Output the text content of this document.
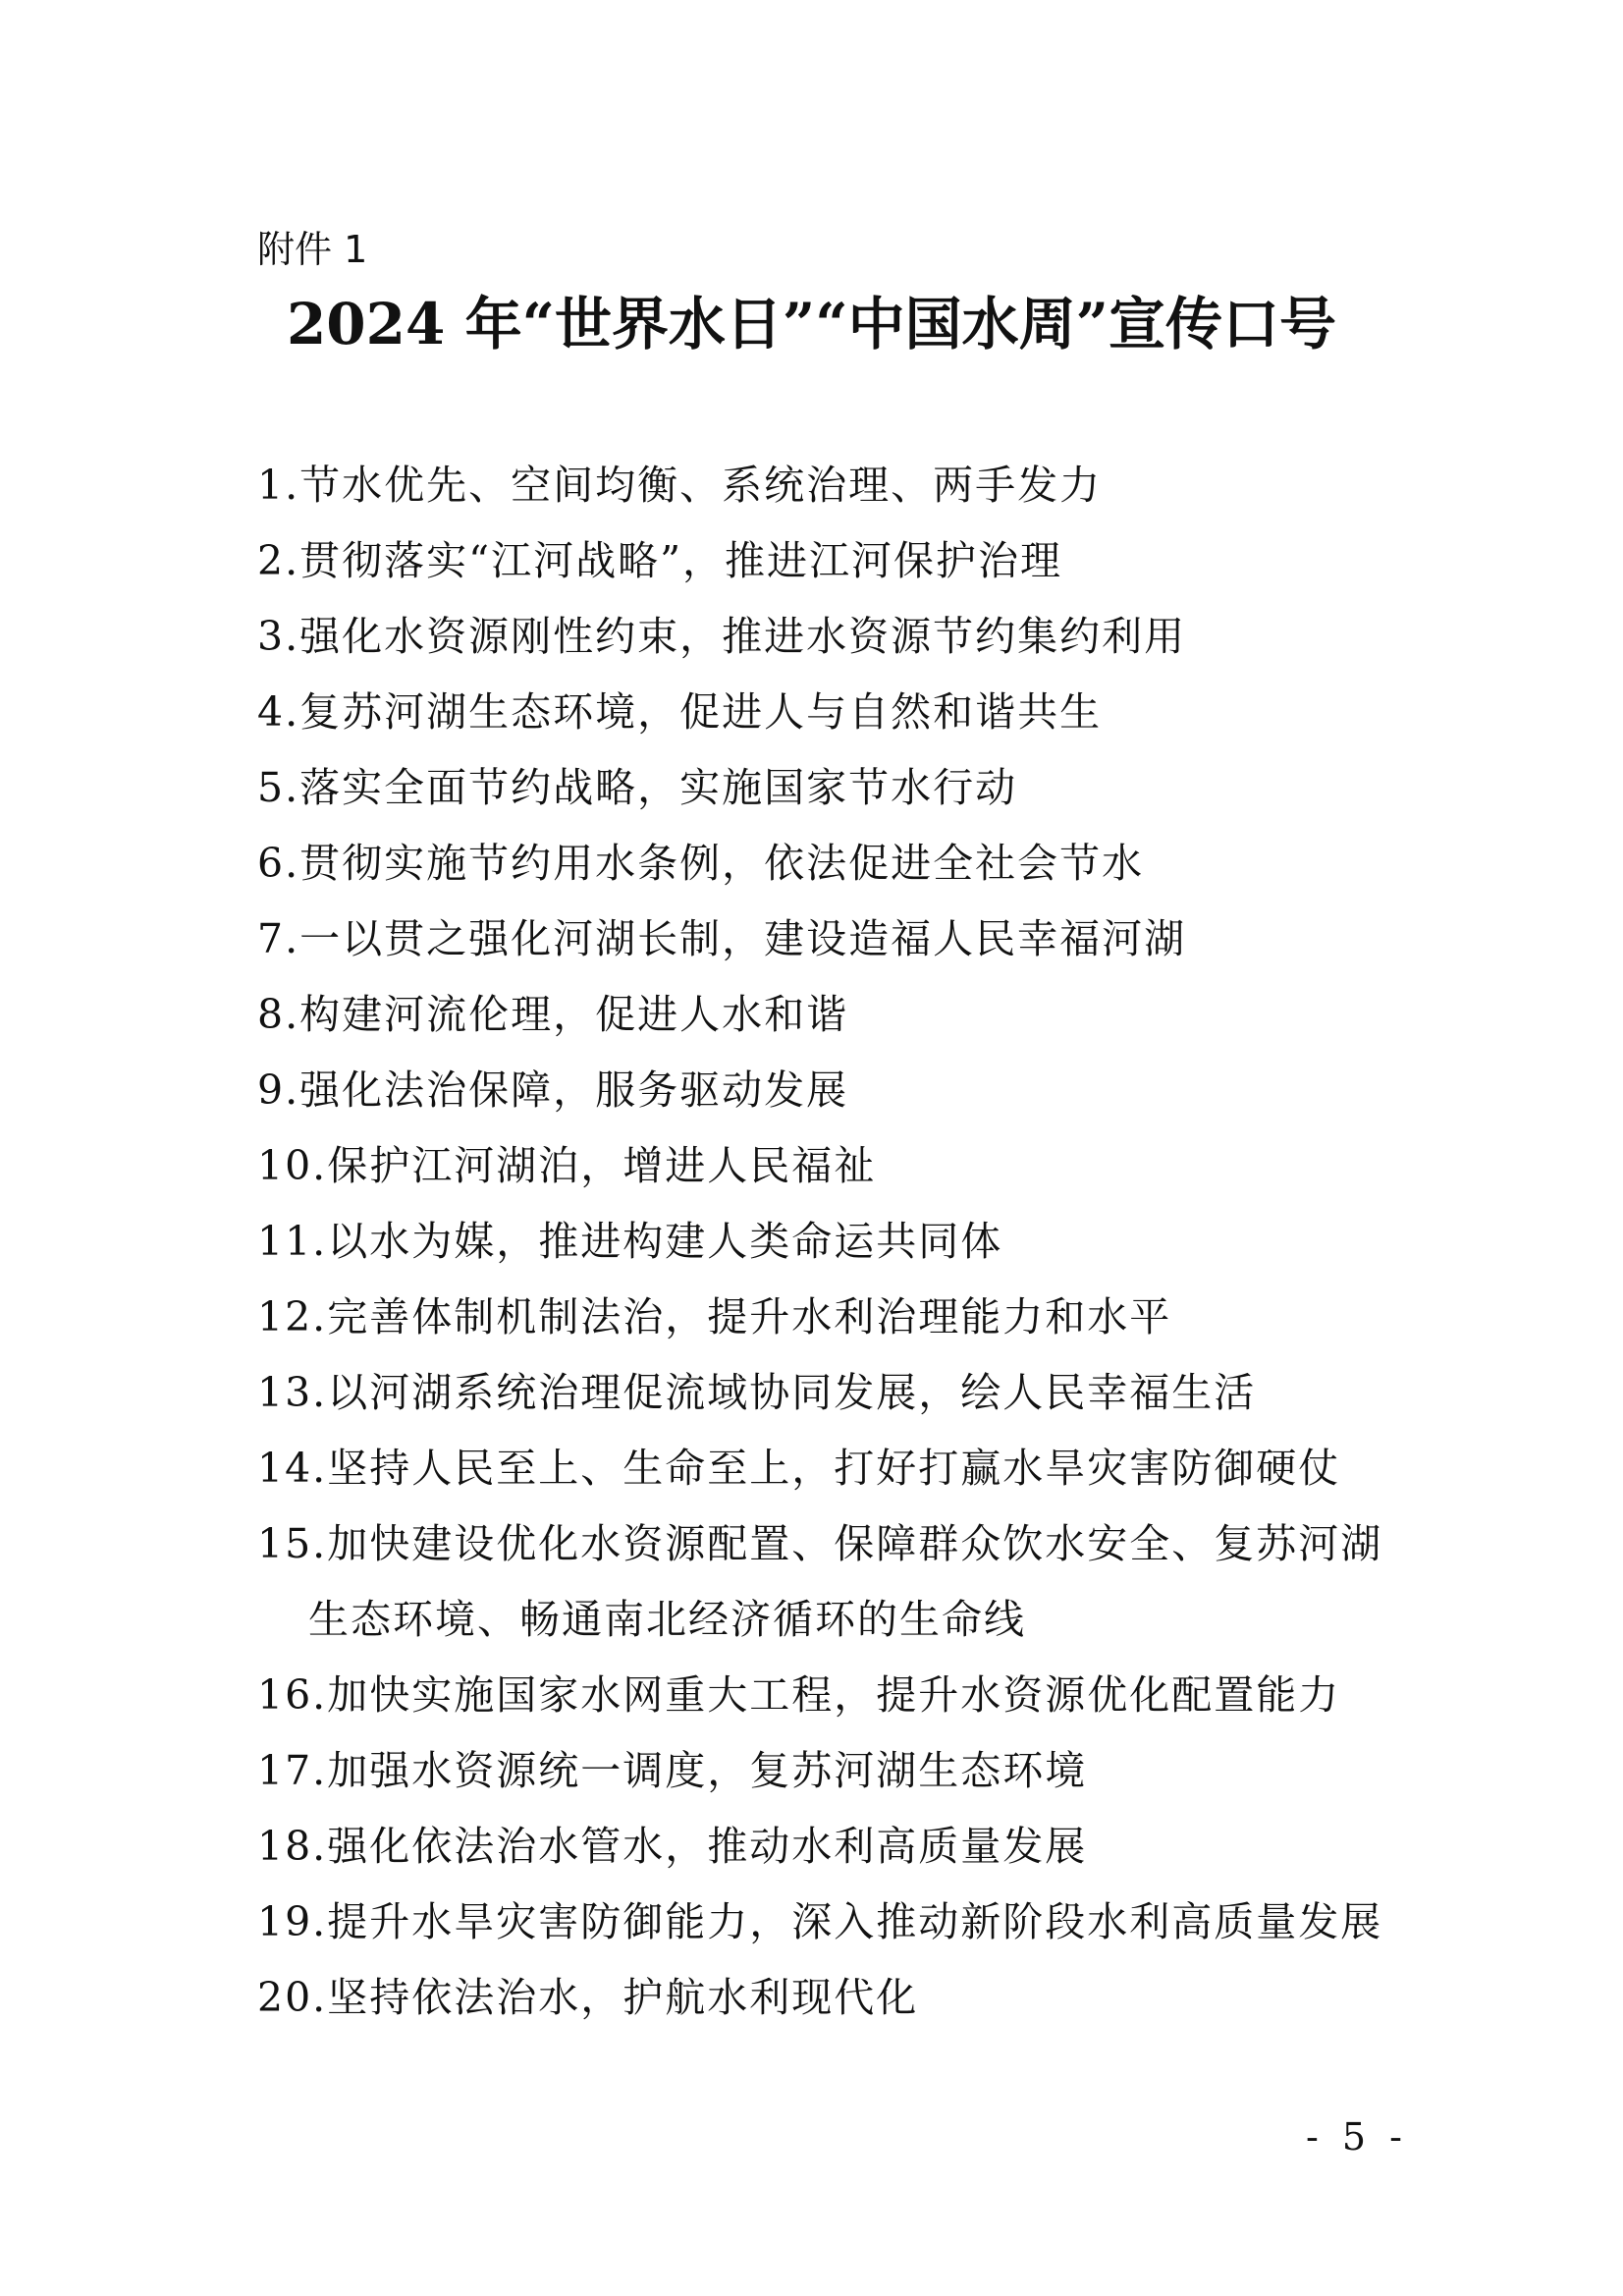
附件 1
2024 年“世界水日”“中国水周”宣传口号
1.节水优先、空间均衡、系统治理、两手发力
2.贯彻落实“江河战略”，推进江河保护治理
3.强化水资源刚性约束，推进水资源节约集约利用
4.复苏河湖生态环境，促进人与自然和谐共生
5.落实全面节约战略，实施国家节水行动
6.贯彻实施节约用水条例，依法促进全社会节水
7.一以贯之强化河湖长制，建设造福人民幸福河湖
8.构建河流伦理，促进人水和谐
9.强化法治保障，服务驱动发展
10.保护江河湖泊，增进人民福祉
11.以水为媒，推进构建人类命运共同体
12.完善体制机制法治，提升水利治理能力和水平
13.以河湖系统治理促流域协同发展，绘人民幸福生活
14.坚持人民至上、生命至上，打好打赢水旱灾害防御硬仗
15.加快建设优化水资源配置、保障群众饮水安全、复苏河湖
生态环境、畅通南北经济循环的生命线
16.加快实施国家水网重大工程，提升水资源优化配置能力
17.加强水资源统一调度，复苏河湖生态环境
18.强化依法治水管水，推动水利高质量发展
19.提升水旱灾害防御能力，深入推动新阶段水利高质量发展
20.坚持依法治水，护航水利现代化
- 5 -
